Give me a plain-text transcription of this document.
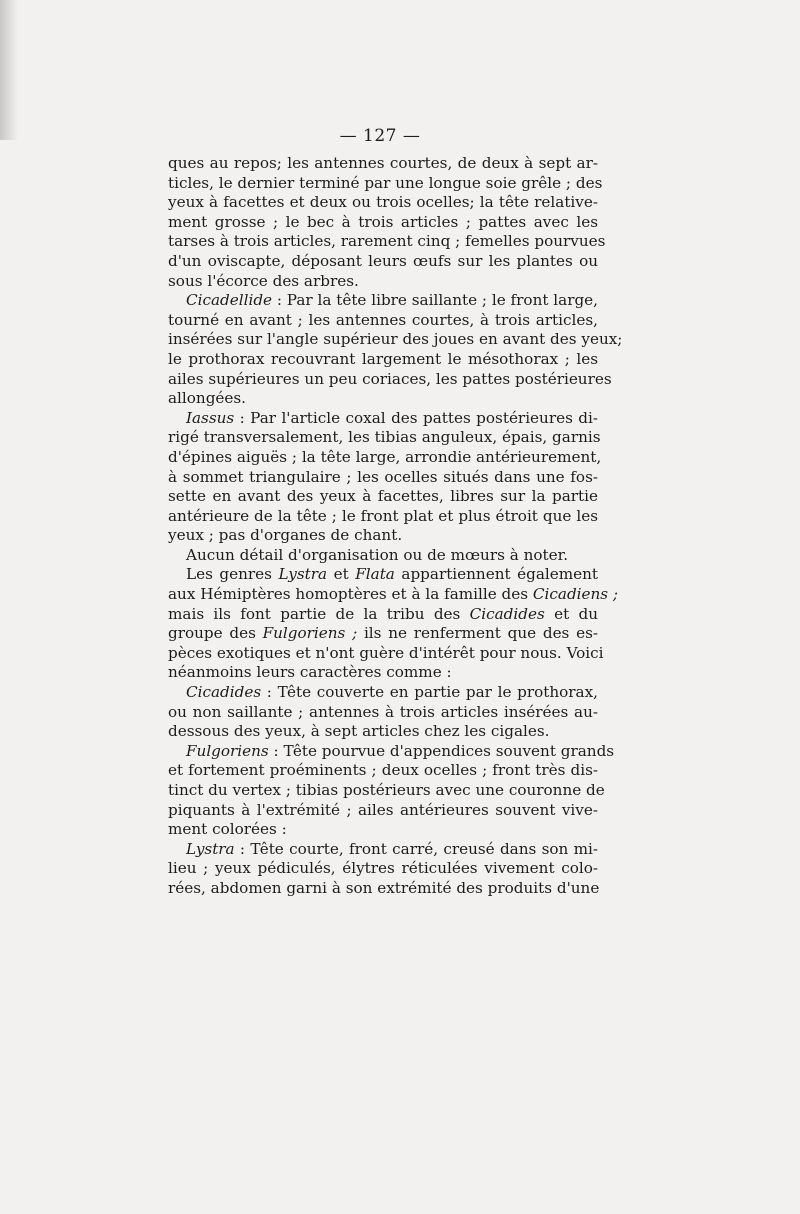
— 127 —
ques au repos; les antennes courtes, de deux à sept ar-
ticles, le dernier terminé par une longue soie grêle ; des
yeux à facettes et deux ou trois ocelles; la tête relative-
ment grosse ; le bec à trois articles ; pattes avec les
tarses à trois articles, rarement cinq ; femelles pourvues
d'un oviscapte, déposant leurs œufs sur les plantes ou
sous l'écorce des arbres.
Cicadellide : Par la tête libre saillante ; le front large,
tourné en avant ; les antennes courtes, à trois articles,
insérées sur l'angle supérieur des joues en avant des yeux;
le prothorax recouvrant largement le mésothorax ; les
ailes supérieures un peu coriaces, les pattes postérieures
allongées.
Iassus : Par l'article coxal des pattes postérieures di-
rigé transversalement, les tibias anguleux, épais, garnis
d'épines aiguës ; la tête large, arrondie antérieurement,
à sommet triangulaire ; les ocelles situés dans une fos-
sette en avant des yeux à facettes, libres sur la partie
antérieure de la tête ; le front plat et plus étroit que les
yeux ; pas d'organes de chant.
Aucun détail d'organisation ou de mœurs à noter.
Les genres Lystra et Flata appartiennent également
aux Hémiptères homoptères et à la famille des Cicadiens ;
mais ils font partie de la tribu des Cicadides et du
groupe des Fulgoriens ; ils ne renferment que des es-
pèces exotiques et n'ont guère d'intérêt pour nous. Voici
néanmoins leurs caractères comme :
Cicadides : Tête couverte en partie par le prothorax,
ou non saillante ; antennes à trois articles insérées au-
dessous des yeux, à sept articles chez les cigales.
Fulgoriens : Tête pourvue d'appendices souvent grands
et fortement proéminents ; deux ocelles ; front très dis-
tinct du vertex ; tibias postérieurs avec une couronne de
piquants à l'extrémité ; ailes antérieures souvent vive-
ment colorées :
Lystra : Tête courte, front carré, creusé dans son mi-
lieu ; yeux pédiculés, élytres réticulées vivement colo-
rées, abdomen garni à son extrémité des produits d'une
